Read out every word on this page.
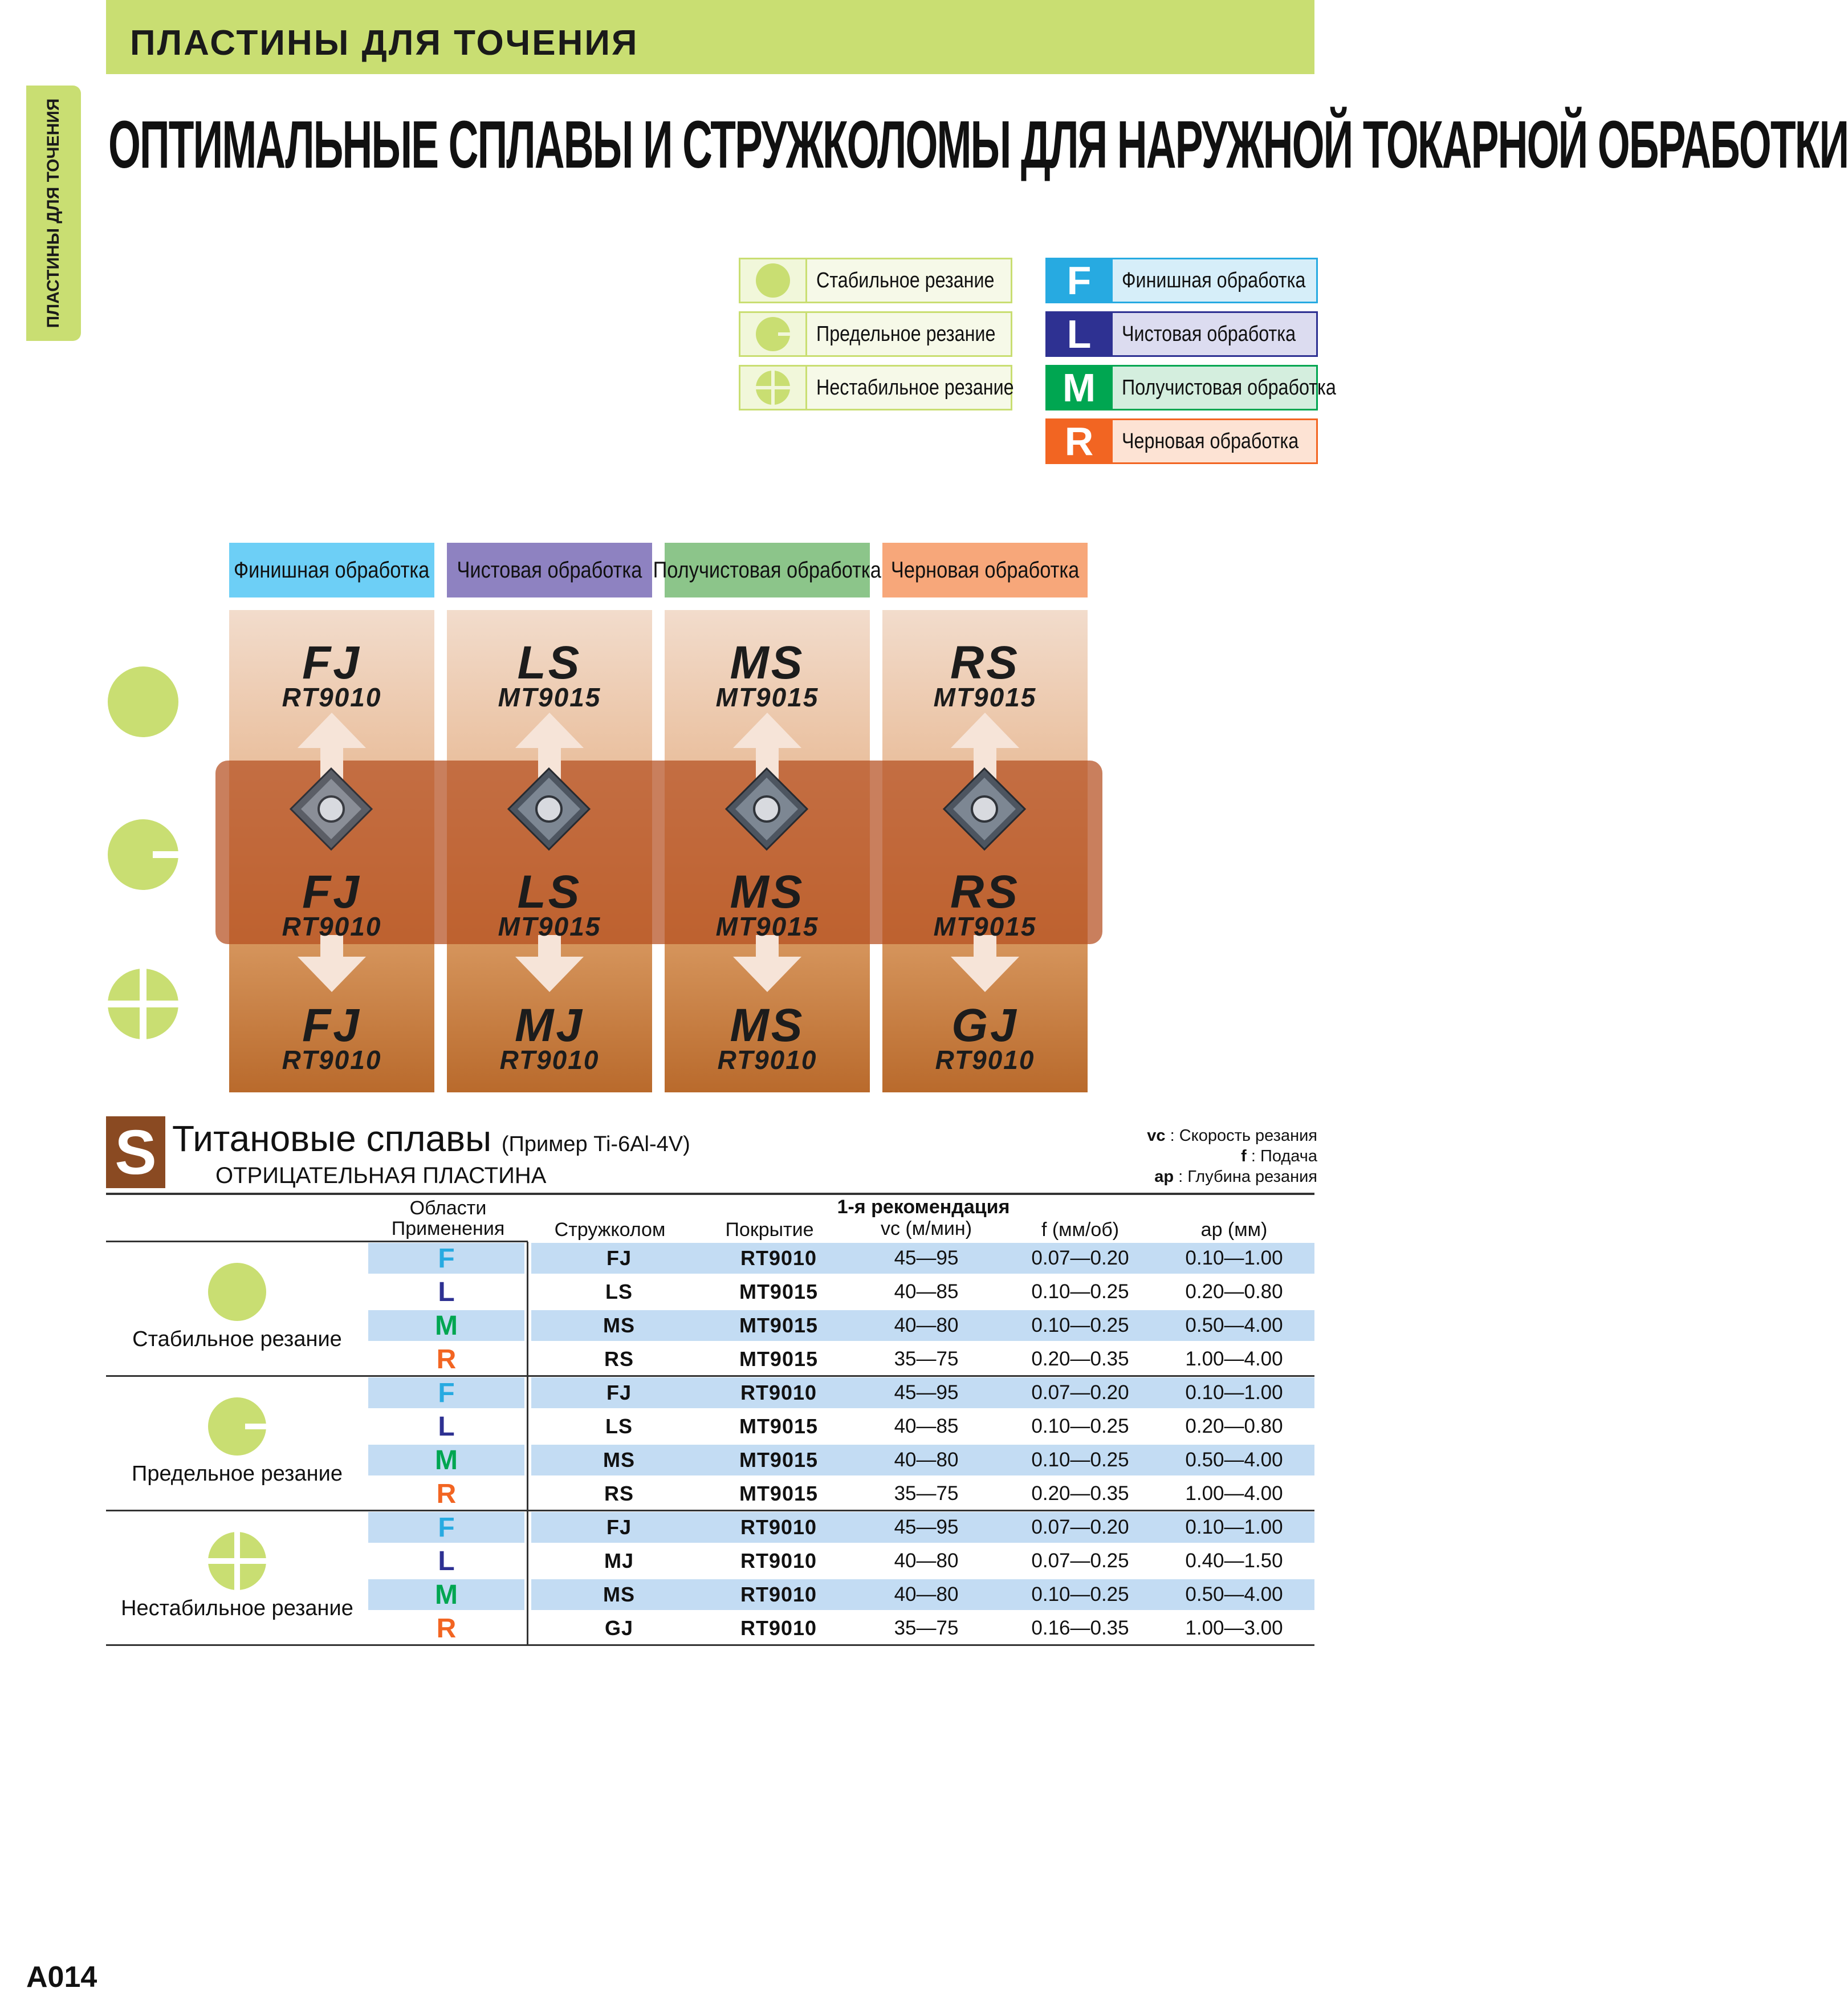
ПЛАСТИНЫ ДЛЯ ТОЧЕНИЯ
ПЛАСТИНЫ ДЛЯ ТОЧЕНИЯ ОПТИМАЛЬНЫЕ СПЛАВЫ И СТРУЖКОЛОМЫ ДЛЯ НАРУЖНОЙ ТОКАРНОЙ ОБРАБОТКИ
Стабильное резание
Предельное резание
Нестабильное резание
F	Финишная обработка
L	Чистовая обработка
M	Получистовая обработка
R	Черновая обработка
Финишная обработка Чистовая обработка Получистовая обработка Черновая обработка
FJ
RT9010
FJ
RT9010
FJ
RT9010
LS
MT9015
LS
MT9015
MJ
RT9010
MS
MT9015
MS
MT9015
MS
RT9010
RS
MT9015
RS
MT9015
GJ
RT9010
S Титановые сплавы (Пример Ti-6Al-4V)
ОТРИЦАТЕЛЬНАЯ ПЛАСТИНА
vc : Скорость резания
f : Подача
ap : Глубина резания
Области
Применения	Стружколом	Покрытие
1-я рекомендация
vc (м/мин)	f (мм/об)	ap (мм)
Стабильное резание
F	FJ	RT9010	45—95	0.07—0.20	0.10—1.00
L	LS	MT9015	40—85	0.10—0.25	0.20—0.80
M	MS	MT9015	40—80	0.10—0.25	0.50—4.00
R	RS	MT9015	35—75	0.20—0.35	1.00—4.00
Предельное резание
F	FJ	RT9010	45—95	0.07—0.20	0.10—1.00
L	LS	MT9015	40—85	0.10—0.25	0.20—0.80
M	MS	MT9015	40—80	0.10—0.25	0.50—4.00
R	RS	MT9015	35—75	0.20—0.35	1.00—4.00
Нестабильное резание
F	FJ	RT9010	45—95	0.07—0.20	0.10—1.00
L	MJ	RT9010	40—80	0.07—0.25	0.40—1.50
M	MS	RT9010	40—80	0.10—0.25	0.50—4.00
R	GJ	RT9010	35—75	0.16—0.35	1.00—3.00
A014
